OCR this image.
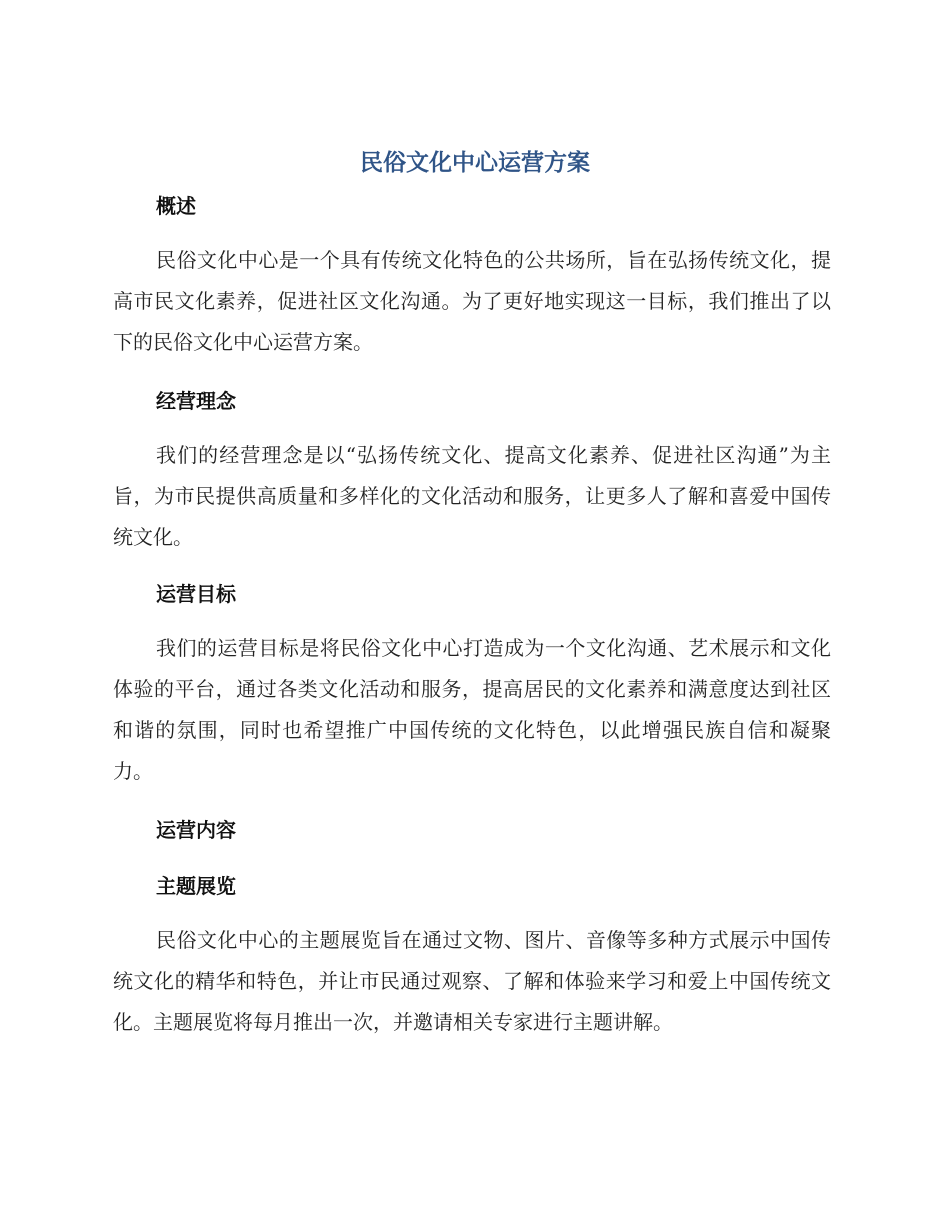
民俗文化中心运营方案
概述

民俗文化中心是一个具有传统文化特色的公共场所，旨在弘扬传统文化，提高市民文化素养，促进社区文化沟通。为了更好地实现这一目标，我们推出了以下的民俗文化中心运营方案。

经营理念

我们的经营理念是以“弘扬传统文化、提高文化素养、促进社区沟通”为主旨，为市民提供高质量和多样化的文化活动和服务，让更多人了解和喜爱中国传统文化。

运营目标

我们的运营目标是将民俗文化中心打造成为一个文化沟通、艺术展示和文化体验的平台，通过各类文化活动和服务，提高居民的文化素养和满意度达到社区和谐的氛围，同时也希望推广中国传统的文化特色，以此增强民族自信和凝聚力。

运营内容
主题展览

民俗文化中心的主题展览旨在通过文物、图片、音像等多种方式展示中国传统文化的精华和特色，并让市民通过观察、了解和体验来学习和爱上中国传统文化。主题展览将每月推出一次，并邀请相关专家进行主题讲解。
